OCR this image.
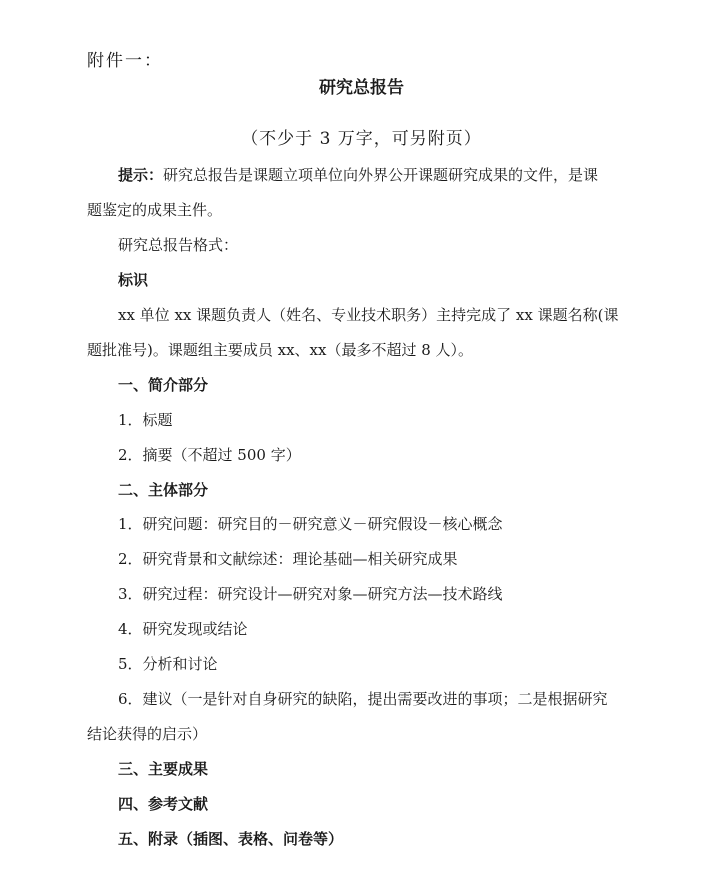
附件一：
研究总报告
（不少于 3 万字，可另附页）
提示：研究总报告是课题立项单位向外界公开课题研究成果的文件，是课
题鉴定的成果主件。
研究总报告格式：
标识
xx 单位 xx 课题负责人（姓名、专业技术职务）主持完成了 xx 课题名称(课
题批准号)。课题组主要成员 xx、xx（最多不超过 8 人）。
一、简介部分
1．标题
2．摘要（不超过 500 字）
二、主体部分
1．研究问题：研究目的－研究意义－研究假设－核心概念
2．研究背景和文献综述：理论基础—相关研究成果
3．研究过程：研究设计—研究对象—研究方法—技术路线
4．研究发现或结论
5．分析和讨论
6．建议（一是针对自身研究的缺陷，提出需要改进的事项；二是根据研究
结论获得的启示）
三、主要成果
四、参考文献
五、附录（插图、表格、问卷等）
